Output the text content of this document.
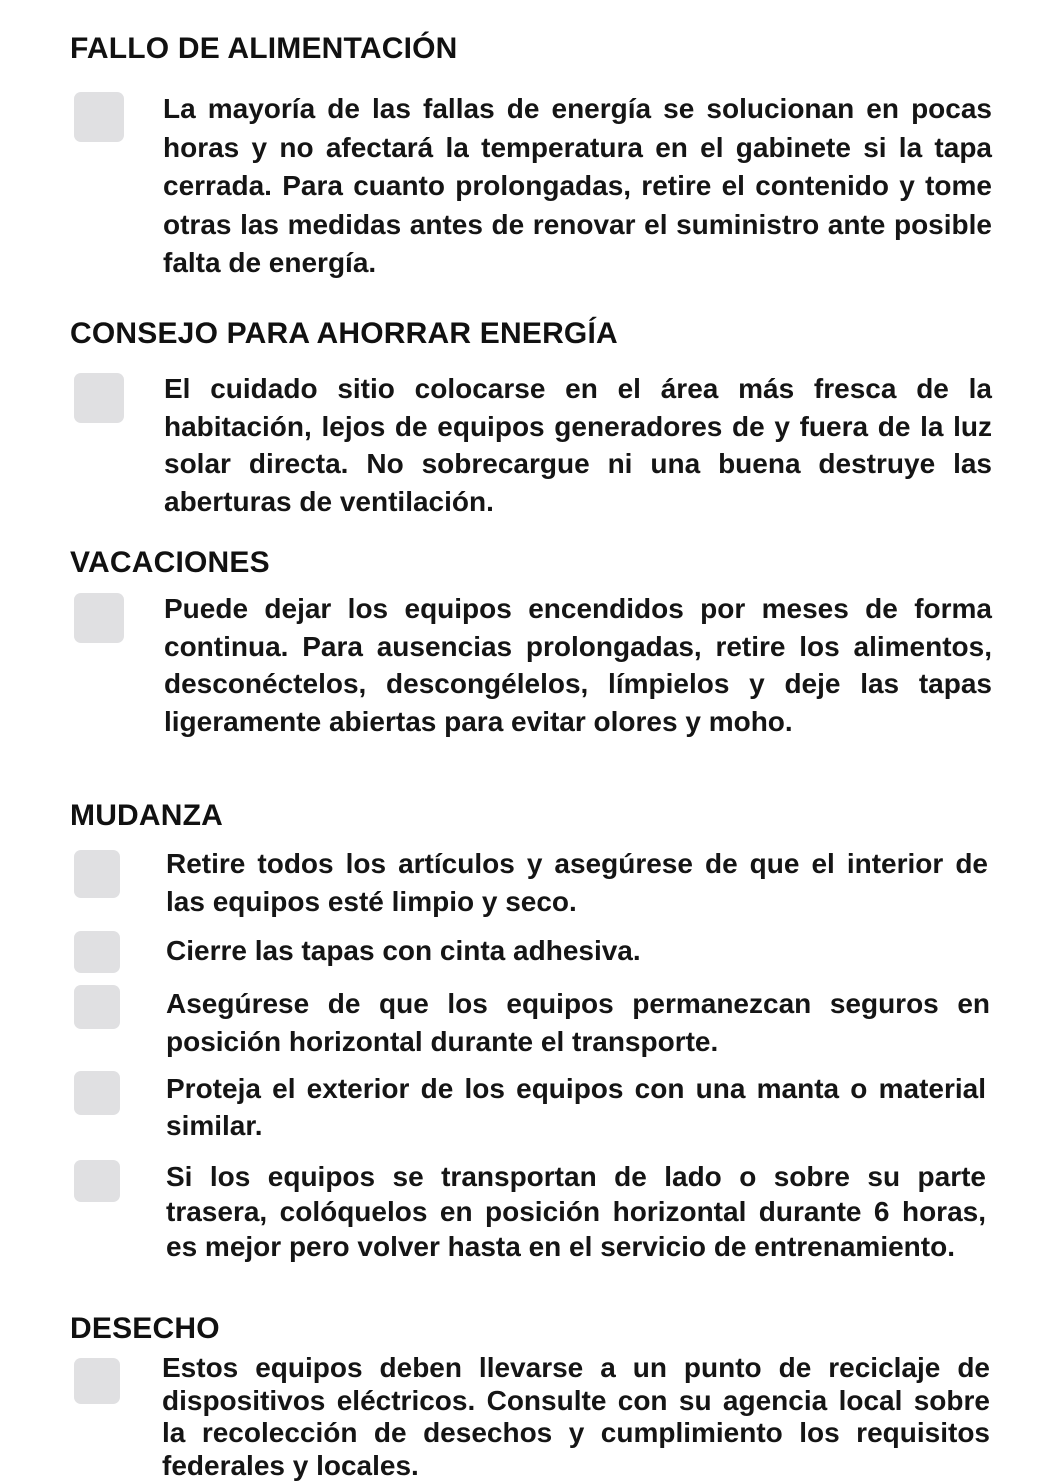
FALLO DE ALIMENTACIÓN

La mayoría de las fallas de energía se solucionan en pocas horas y no afectará la temperatura en el gabinete si la tapa cerrada. Para cuanto prolongadas, retire el contenido y tome otras las medidas antes de renovar el suministro ante posible falta de energía.

CONSEJO PARA AHORRAR ENERGÍA

El cuidado sitio colocarse en el área más fresca de la habitación, lejos de equipos generadores de y fuera de la luz solar directa. No sobrecargue ni una buena destruye las aberturas de ventilación.

VACACIONES

Puede dejar los equipos encendidos por meses de forma continua. Para ausencias prolongadas, retire los alimentos, desconéctelos, descongélelos, límpielos y deje las tapas ligeramente abiertas para evitar olores y moho.

MUDANZA

Retire todos los artículos y asegúrese de que el interior de las equipos esté limpio y seco.

Cierre las tapas con cinta adhesiva.

Asegúrese de que los equipos permanezcan seguros en posición horizontal durante el transporte.

Proteja el exterior de los equipos con una manta o material similar.

Si los equipos se transportan de lado o sobre su parte trasera, colóquelos en posición horizontal durante 6 horas, es mejor pero volver hasta en el servicio de entrenamiento.

DESECHO

Estos equipos deben llevarse a un punto de reciclaje de dispositivos eléctricos. Consulte con su agencia local sobre la recolección de desechos y cumplimiento los requisitos federales y locales.
